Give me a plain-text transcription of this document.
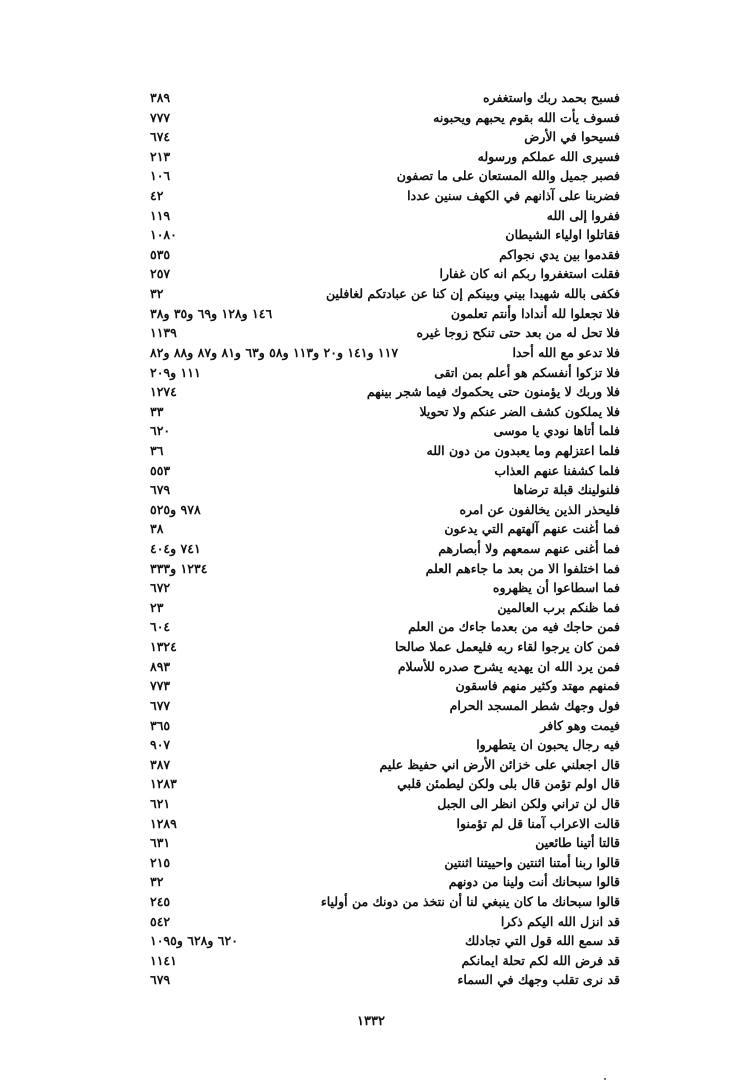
فسبح بحمد ربك واستغفره
٣٨٩
فسوف يأت الله بقوم يحبهم ويحبونه
٧٧٧
فسيحوا في الأرض
٦٧٤
فسيرى الله عملكم ورسوله
٢١٣
فصبر جميل والله المستعان على ما تصفون
١٠٦
فضربنا على آذانهم في الكهف سنين عددا
٤٢
ففروا إلى الله
١١٩
فقاتلوا اولياء الشيطان
١٠٨٠
فقدموا بين يدي نجواكم
٥٣٥
فقلت استغفروا ربكم انه كان غفارا
٢٥٧
فكفى بالله شهيدا بيني وبينكم إن كنا عن عبادتكم لغافلين
٣٢
فلا تجعلوا لله أندادا وأنتم تعلمون
١٤٦ و١٢٨ و٦٩ و٣٥ و٣٨
فلا تحل له من بعد حتى تنكح زوجا غيره
١١٣٩
فلا تدعو مع الله أحدا
١١٧ و١٤١ و٢٠ و١١٣ و٥٨ و٦٣ و٨١ و٨٧ و٨٨ و٨٢
فلا تزكوا أنفسكم هو أعلم بمن اتقى
١١١ و٢٠٩
فلا وربك لا يؤمنون حتى يحكموك فيما شجر بينهم
١٢٧٤
فلا يملكون كشف الضر عنكم ولا تحويلا
٣٣
فلما أتاها نودي يا موسى
٦٢٠
فلما اعتزلهم وما يعبدون من دون الله
٣٦
فلما كشفنا عنهم العذاب
٥٥٣
فلنولينك قبلة ترضاها
٦٧٩
فليحذر الذين يخالفون عن امره
٩٧٨ و٥٢٥
فما أغنت عنهم آلهتهم التي يدعون
٣٨
فما أغنى عنهم سمعهم ولا أبصارهم
٧٤١ و٤٠٤
فما اختلفوا الا من بعد ما جاءهم العلم
١٢٣٤ و٣٣٣
فما اسطاعوا أن يظهروه
٦٧٢
فما ظنكم برب العالمين
٢٣
فمن حاجك فيه من بعدما جاءك من العلم
٦٠٤
فمن كان يرجوا لقاء ربه فليعمل عملا صالحا
١٣٢٤
فمن يرد الله ان يهديه يشرح صدره للأسلام
٨٩٣
فمنهم مهتد وكثير منهم فاسقون
٧٧٣
فول وجهك شطر المسجد الحرام
٦٧٧
فيمت وهو كافر
٣٦٥
فيه رجال يحبون ان يتطهروا
٩٠٧
قال اجعلني على خزائن الأرض اني حفيظ عليم
٣٨٧
قال اولم تؤمن قال بلى ولكن ليطمئن قلبي
١٢٨٣
قال لن تراني ولكن انظر الى الجبل
٦٢١
قالت الاعراب آمنا قل لم تؤمنوا
١٢٨٩
قالتا أتينا طائعين
٦٣١
قالوا ربنا أمتنا اثنتين واحييتنا اثنتين
٢١٥
قالوا سبحانك أنت ولينا من دونهم
٣٢
قالوا سبحانك ما كان ينبغي لنا أن نتخذ من دونك من أولياء
٢٤٥
قد انزل الله اليكم ذكرا
٥٤٢
قد سمع الله قول التي تجادلك
٦٢٠ و٦٢٨ و١٠٩٥
قد فرض الله لكم تحلة ايمانكم
١١٤١
قد نرى تقلب وجهك في السماء
٦٧٩
١٣٣٢
